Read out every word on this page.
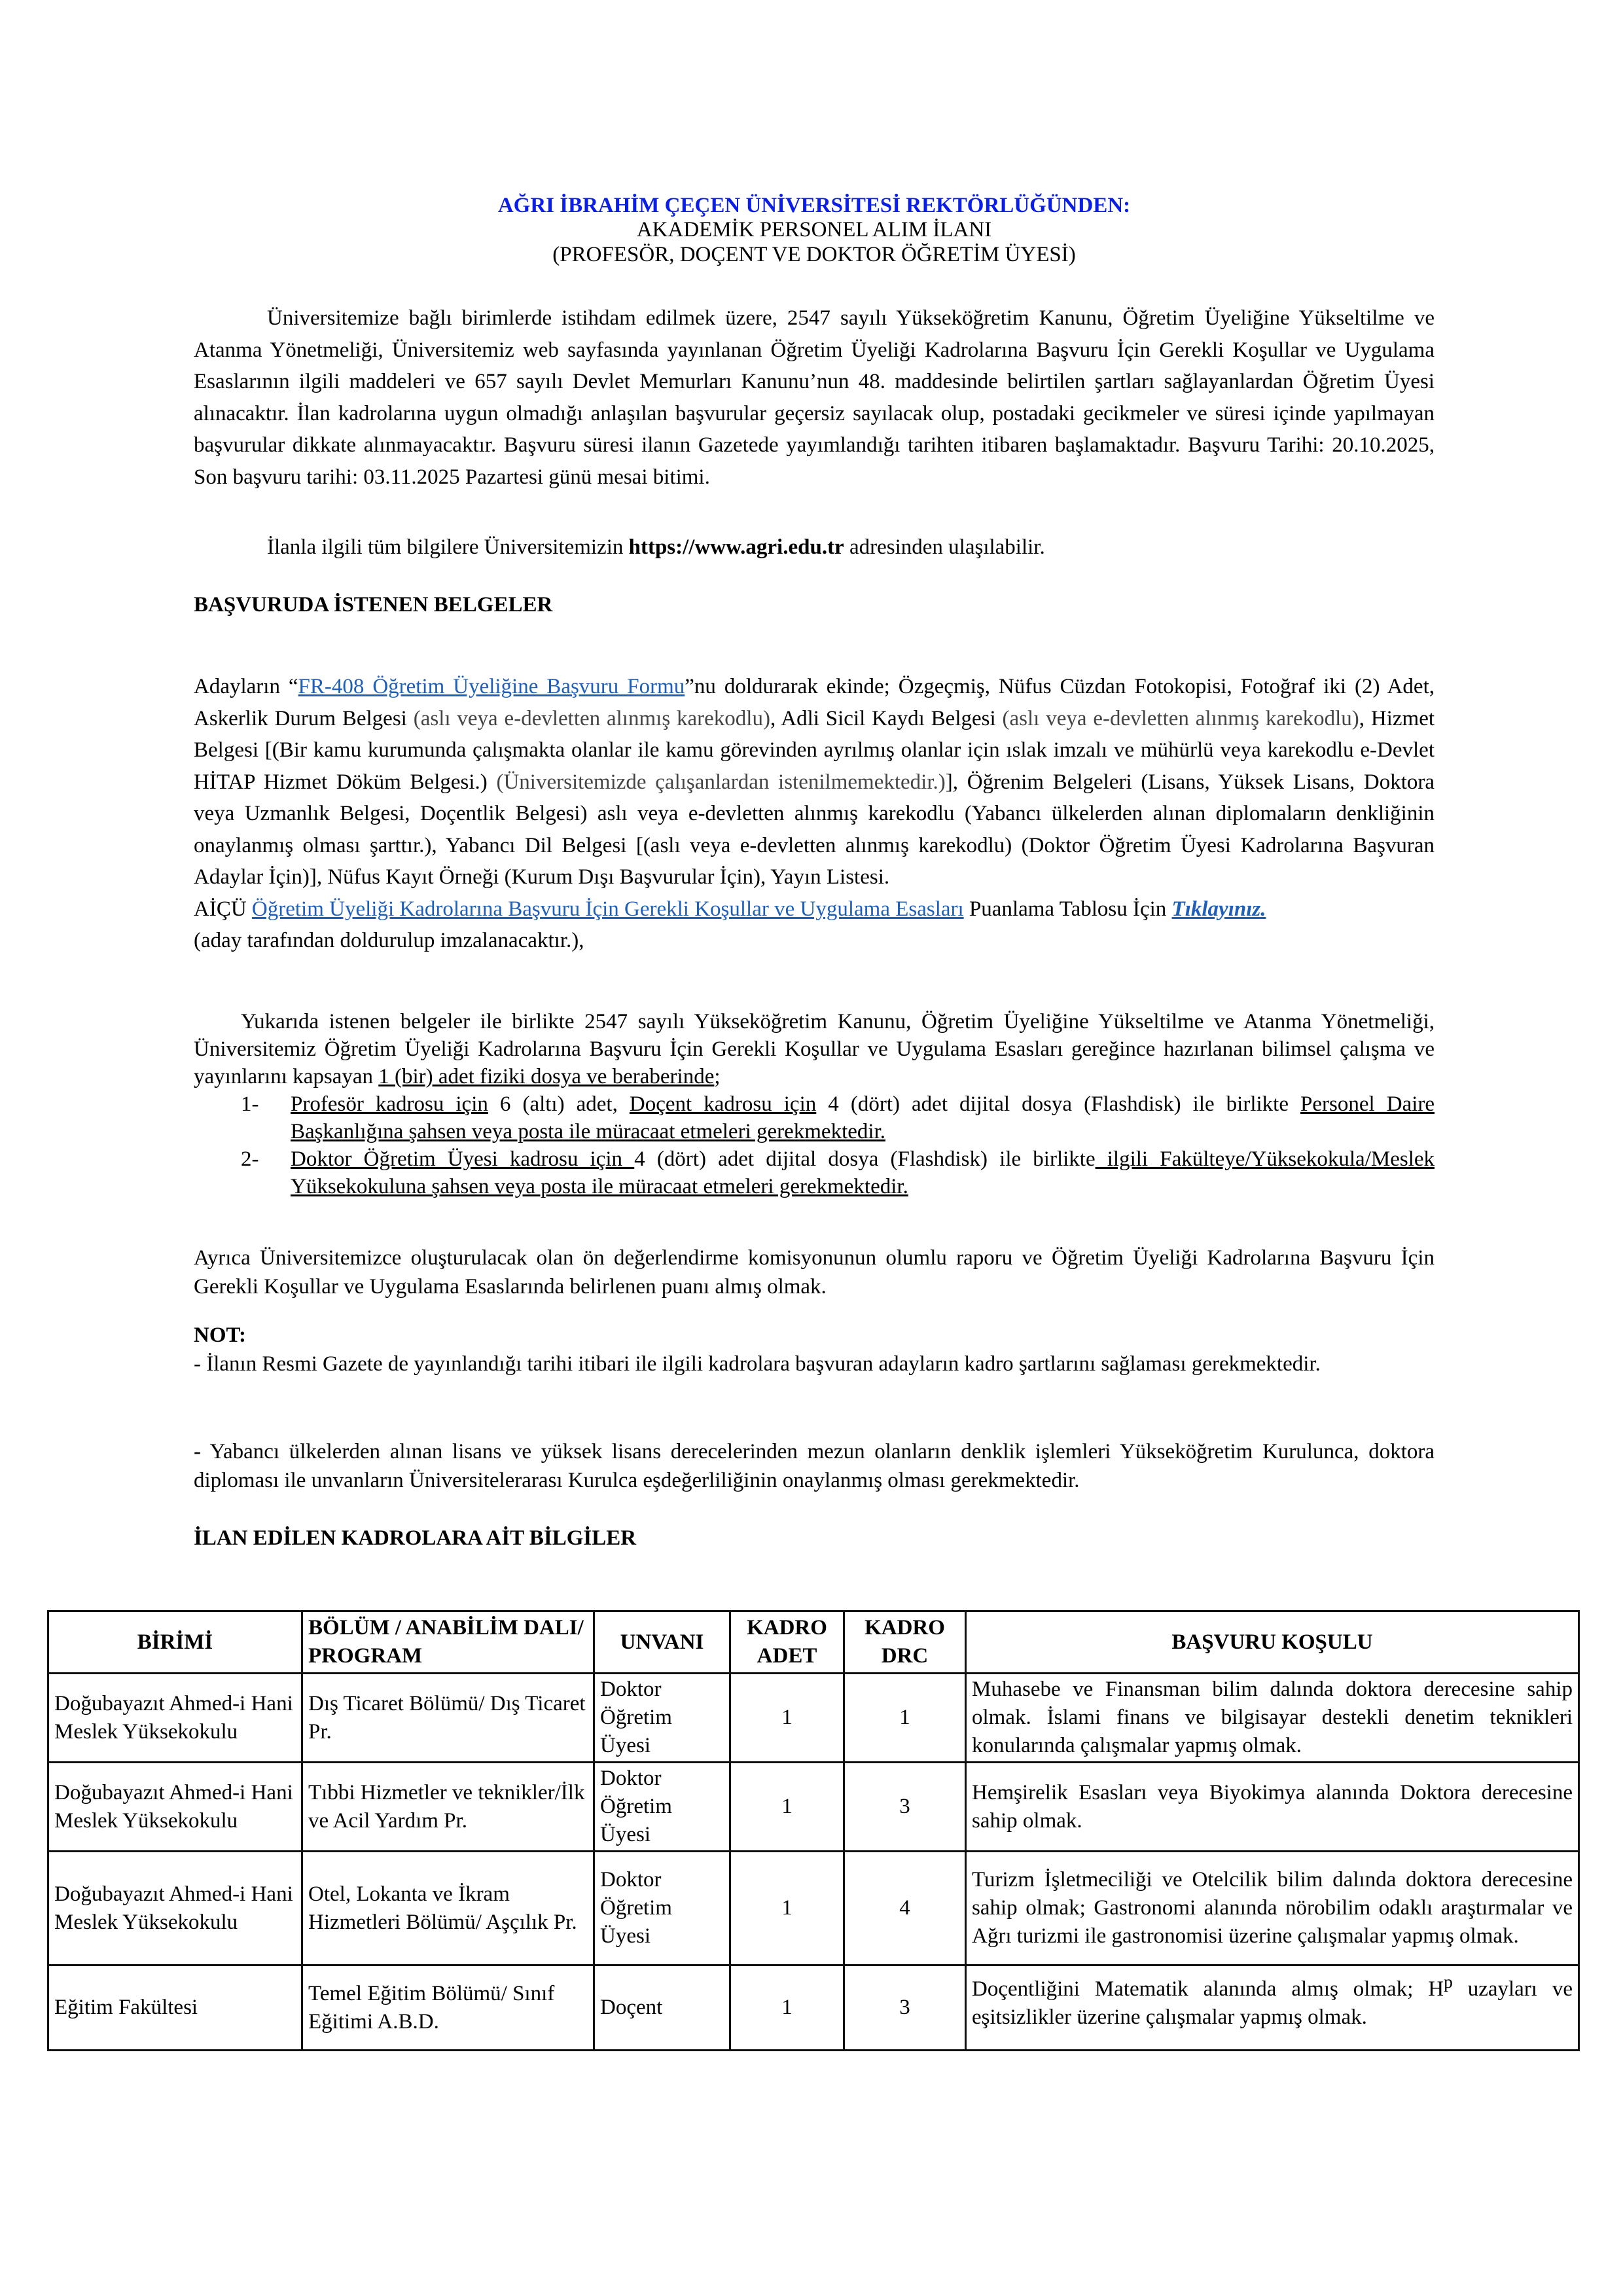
AĞRI İBRAHİM ÇEÇEN ÜNİVERSİTESİ REKTÖRLÜĞÜNDEN:
AKADEMİK PERSONEL ALIM İLANI
(PROFESÖR, DOÇENT VE DOKTOR ÖĞRETİM ÜYESİ)
Üniversitemize bağlı birimlerde istihdam edilmek üzere, 2547 sayılı Yükseköğretim Kanunu, Öğretim Üyeliğine Yükseltilme ve Atanma Yönetmeliği, Üniversitemiz web sayfasında yayınlanan Öğretim Üyeliği Kadrolarına Başvuru İçin Gerekli Koşullar ve Uygulama Esaslarının ilgili maddeleri ve 657 sayılı Devlet Memurları Kanunu’nun 48. maddesinde belirtilen şartları sağlayanlardan Öğretim Üyesi alınacaktır. İlan kadrolarına uygun olmadığı anlaşılan başvurular geçersiz sayılacak olup, postadaki gecikmeler ve süresi içinde yapılmayan başvurular dikkate alınmayacaktır. Başvuru süresi ilanın Gazetede yayımlandığı tarihten itibaren başlamaktadır. Başvuru Tarihi: 20.10.2025, Son başvuru tarihi: 03.11.2025 Pazartesi günü mesai bitimi.
İlanla ilgili tüm bilgilere Üniversitemizin https://www.agri.edu.tr adresinden ulaşılabilir.
BAŞVURUDA İSTENEN BELGELER
Adayların “FR-408 Öğretim Üyeliğine Başvuru Formu”nu doldurarak ekinde; Özgeçmiş, Nüfus Cüzdan Fotokopisi, Fotoğraf iki (2) Adet, Askerlik Durum Belgesi (aslı veya e-devletten alınmış karekodlu), Adli Sicil Kaydı Belgesi (aslı veya e-devletten alınmış karekodlu), Hizmet Belgesi [(Bir kamu kurumunda çalışmakta olanlar ile kamu görevinden ayrılmış olanlar için ıslak imzalı ve mühürlü veya karekodlu e-Devlet HİTAP Hizmet Döküm Belgesi.) (Üniversitemizde çalışanlardan istenilmemektedir.)], Öğrenim Belgeleri (Lisans, Yüksek Lisans, Doktora veya Uzmanlık Belgesi, Doçentlik Belgesi) aslı veya e-devletten alınmış karekodlu (Yabancı ülkelerden alınan diplomaların denkliğinin onaylanmış olması şarttır.), Yabancı Dil Belgesi [(aslı veya e-devletten alınmış karekodlu) (Doktor Öğretim Üyesi Kadrolarına Başvuran Adaylar İçin)], Nüfus Kayıt Örneği (Kurum Dışı Başvurular İçin), Yayın Listesi.
AİÇÜ Öğretim Üyeliği Kadrolarına Başvuru İçin Gerekli Koşullar ve Uygulama Esasları Puanlama Tablosu İçin Tıklayınız.
(aday tarafından doldurulup imzalanacaktır.),
Yukarıda istenen belgeler ile birlikte 2547 sayılı Yükseköğretim Kanunu, Öğretim Üyeliğine Yükseltilme ve Atanma Yönetmeliği, Üniversitemiz Öğretim Üyeliği Kadrolarına Başvuru İçin Gerekli Koşullar ve Uygulama Esasları gereğince hazırlanan bilimsel çalışma ve yayınlarını kapsayan 1 (bir) adet fiziki dosya ve beraberinde;
1-	Profesör kadrosu için 6 (altı) adet, Doçent kadrosu için 4 (dört) adet dijital dosya (Flashdisk) ile birlikte Personel Daire Başkanlığına şahsen veya posta ile müracaat etmeleri gerekmektedir.
2-	Doktor Öğretim Üyesi kadrosu için 4 (dört) adet dijital dosya (Flashdisk) ile birlikte ilgili Fakülteye/Yüksekokula/Meslek Yüksekokuluna şahsen veya posta ile müracaat etmeleri gerekmektedir.
Ayrıca Üniversitemizce oluşturulacak olan ön değerlendirme komisyonunun olumlu raporu ve Öğretim Üyeliği Kadrolarına Başvuru İçin Gerekli Koşullar ve Uygulama Esaslarında belirlenen puanı almış olmak.
NOT:
- İlanın Resmi Gazete de yayınlandığı tarihi itibari ile ilgili kadrolara başvuran adayların kadro şartlarını sağlaması gerekmektedir.
- Yabancı ülkelerden alınan lisans ve yüksek lisans derecelerinden mezun olanların denklik işlemleri Yükseköğretim Kurulunca, doktora diploması ile unvanların Üniversitelerarası Kurulca eşdeğerliliğinin onaylanmış olması gerekmektedir.
İLAN EDİLEN KADROLARA AİT BİLGİLER
BİRİMİ	BÖLÜM / ANABİLİM DALI/ PROGRAM	UNVANI	KADRO ADET	KADRO DRC	BAŞVURU KOŞULU
Doğubayazıt Ahmed-i Hani Meslek Yüksekokulu	Dış Ticaret Bölümü/ Dış Ticaret Pr.	Doktor Öğretim Üyesi	1	1	Muhasebe ve Finansman bilim dalında doktora derecesine sahip olmak. İslami finans ve bilgisayar destekli denetim teknikleri konularında çalışmalar yapmış olmak.
Doğubayazıt Ahmed-i Hani Meslek Yüksekokulu	Tıbbi Hizmetler ve teknikler/İlk ve Acil Yardım Pr.	Doktor Öğretim Üyesi	1	3	Hemşirelik Esasları veya Biyokimya alanında Doktora derecesine sahip olmak.
Doğubayazıt Ahmed-i Hani Meslek Yüksekokulu	Otel, Lokanta ve İkram Hizmetleri Bölümü/ Aşçılık Pr.	Doktor Öğretim Üyesi	1	4	Turizm İşletmeciliği ve Otelcilik bilim dalında doktora derecesine sahip olmak; Gastronomi alanında nörobilim odaklı araştırmalar ve Ağrı turizmi ile gastronomisi üzerine çalışmalar yapmış olmak.
Eğitim Fakültesi	Temel Eğitim Bölümü/ Sınıf Eğitimi A.B.D.	Doçent	1	3	Doçentliğini Matematik alanında almış olmak; $H^p$ uzayları ve eşitsizlikler üzerine çalışmalar yapmış olmak.
